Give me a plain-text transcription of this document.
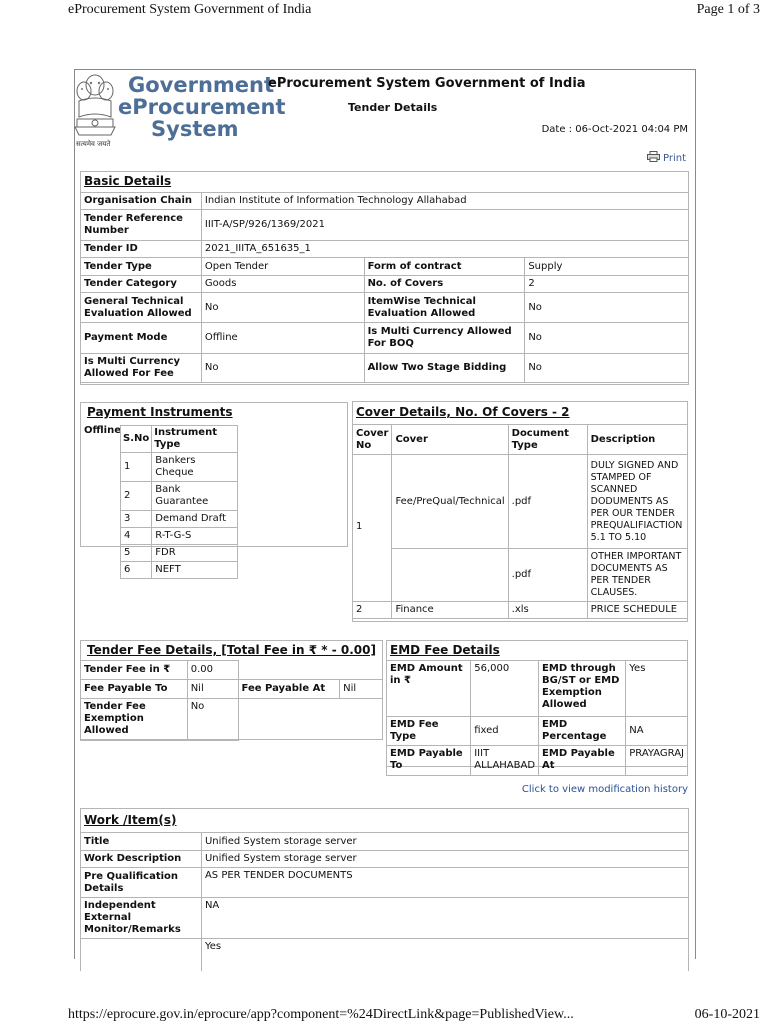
eProcurement System Government of India	Page 1 of 3
Government
eProcurement
System
सत्यमेव जयते
eProcurement System Government of India
Tender Details
Date : 06-Oct-2021 04:04 PM
Print
Basic Details
Organisation Chain	Indian Institute of Information Technology Allahabad		
Tender Reference Number	IIIT-A/SP/926/1369/2021		
Tender ID	2021_IIITA_651635_1		
Tender Type	Open Tender	Form of contract	Supply
Tender Category	Goods	No. of Covers	2
General Technical Evaluation Allowed	No	ItemWise Technical Evaluation Allowed	No
Payment Mode	Offline	Is Multi Currency Allowed For BOQ	No
Is Multi Currency Allowed For Fee	No	Allow Two Stage Bidding	No
Payment Instruments
Offline
S.No	Instrument Type
1	Bankers Cheque
2	Bank Guarantee
3	Demand Draft
4	R-T-G-S
5	FDR
6	NEFT
Cover Details, No. Of Covers - 2
Cover No	Cover	Document Type	Description
1	Fee/PreQual/Technical	.pdf	DULY SIGNED AND STAMPED OF SCANNED DODUMENTS AS PER OUR TENDER PREQUALIFIACTION 5.1 TO 5.10
		.pdf	OTHER IMPORTANT DOCUMENTS AS PER TENDER CLAUSES.
2	Finance	.xls	PRICE SCHEDULE
Tender Fee Details, [Total Fee in ₹ * - 0.00]
Tender Fee in ₹	0.00		
Fee Payable To	Nil	Fee Payable At	Nil
Tender Fee Exemption Allowed	No		
EMD Fee Details
EMD Amount in ₹	56,000	EMD through BG/ST or EMD Exemption Allowed	Yes
EMD Fee Type	fixed	EMD Percentage	NA
EMD Payable To	IIIT ALLAHABAD	EMD Payable At	PRAYAGRAJ
Click to view modification history
Work /Item(s)
Title	Unified System storage server
Work Description	Unified System storage server
Pre Qualification Details	AS PER TENDER DOCUMENTS
Independent External Monitor/Remarks	NA
	Yes
https://eprocure.gov.in/eprocure/app?component=%24DirectLink&page=PublishedView...	06-10-2021
